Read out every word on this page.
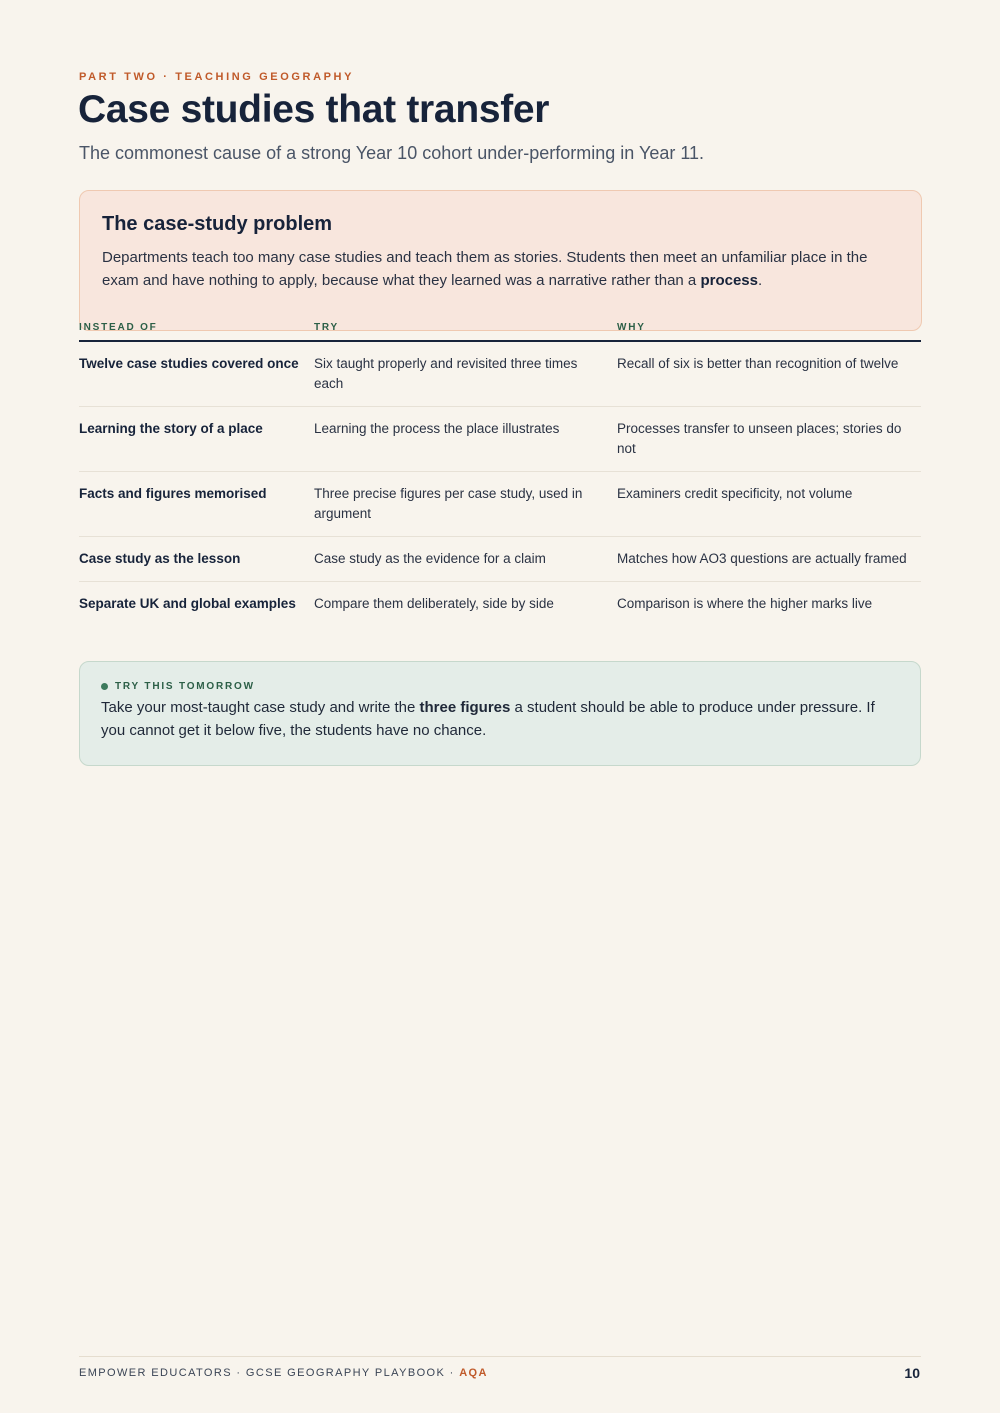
PART TWO · TEACHING GEOGRAPHY
Case studies that transfer

The commonest cause of a strong Year 10 cohort under-performing in Year 11.

The case-study problem

Departments teach too many case studies and teach them as stories. Students then meet an unfamiliar place in the exam and have nothing to apply, because what they learned was a narrative rather than a process.

INSTEAD OF	TRY	WHY
Twelve case studies covered once	Six taught properly and revisited three times each	Recall of six is better than recognition of twelve
Learning the story of a place	Learning the process the place illustrates	Processes transfer to unseen places; stories do not
Facts and figures memorised	Three precise figures per case study, used in argument	Examiners credit specificity, not volume
Case study as the lesson	Case study as the evidence for a claim	Matches how AO3 questions are actually framed
Separate UK and global examples	Compare them deliberately, side by side	Comparison is where the higher marks live
TRY THIS TOMORROW

Take your most-taught case study and write the three figures a student should be able to produce under pressure. If you cannot get it below five, the students have no chance.

EMPOWER EDUCATORS · GCSE GEOGRAPHY PLAYBOOK · AQA	10
